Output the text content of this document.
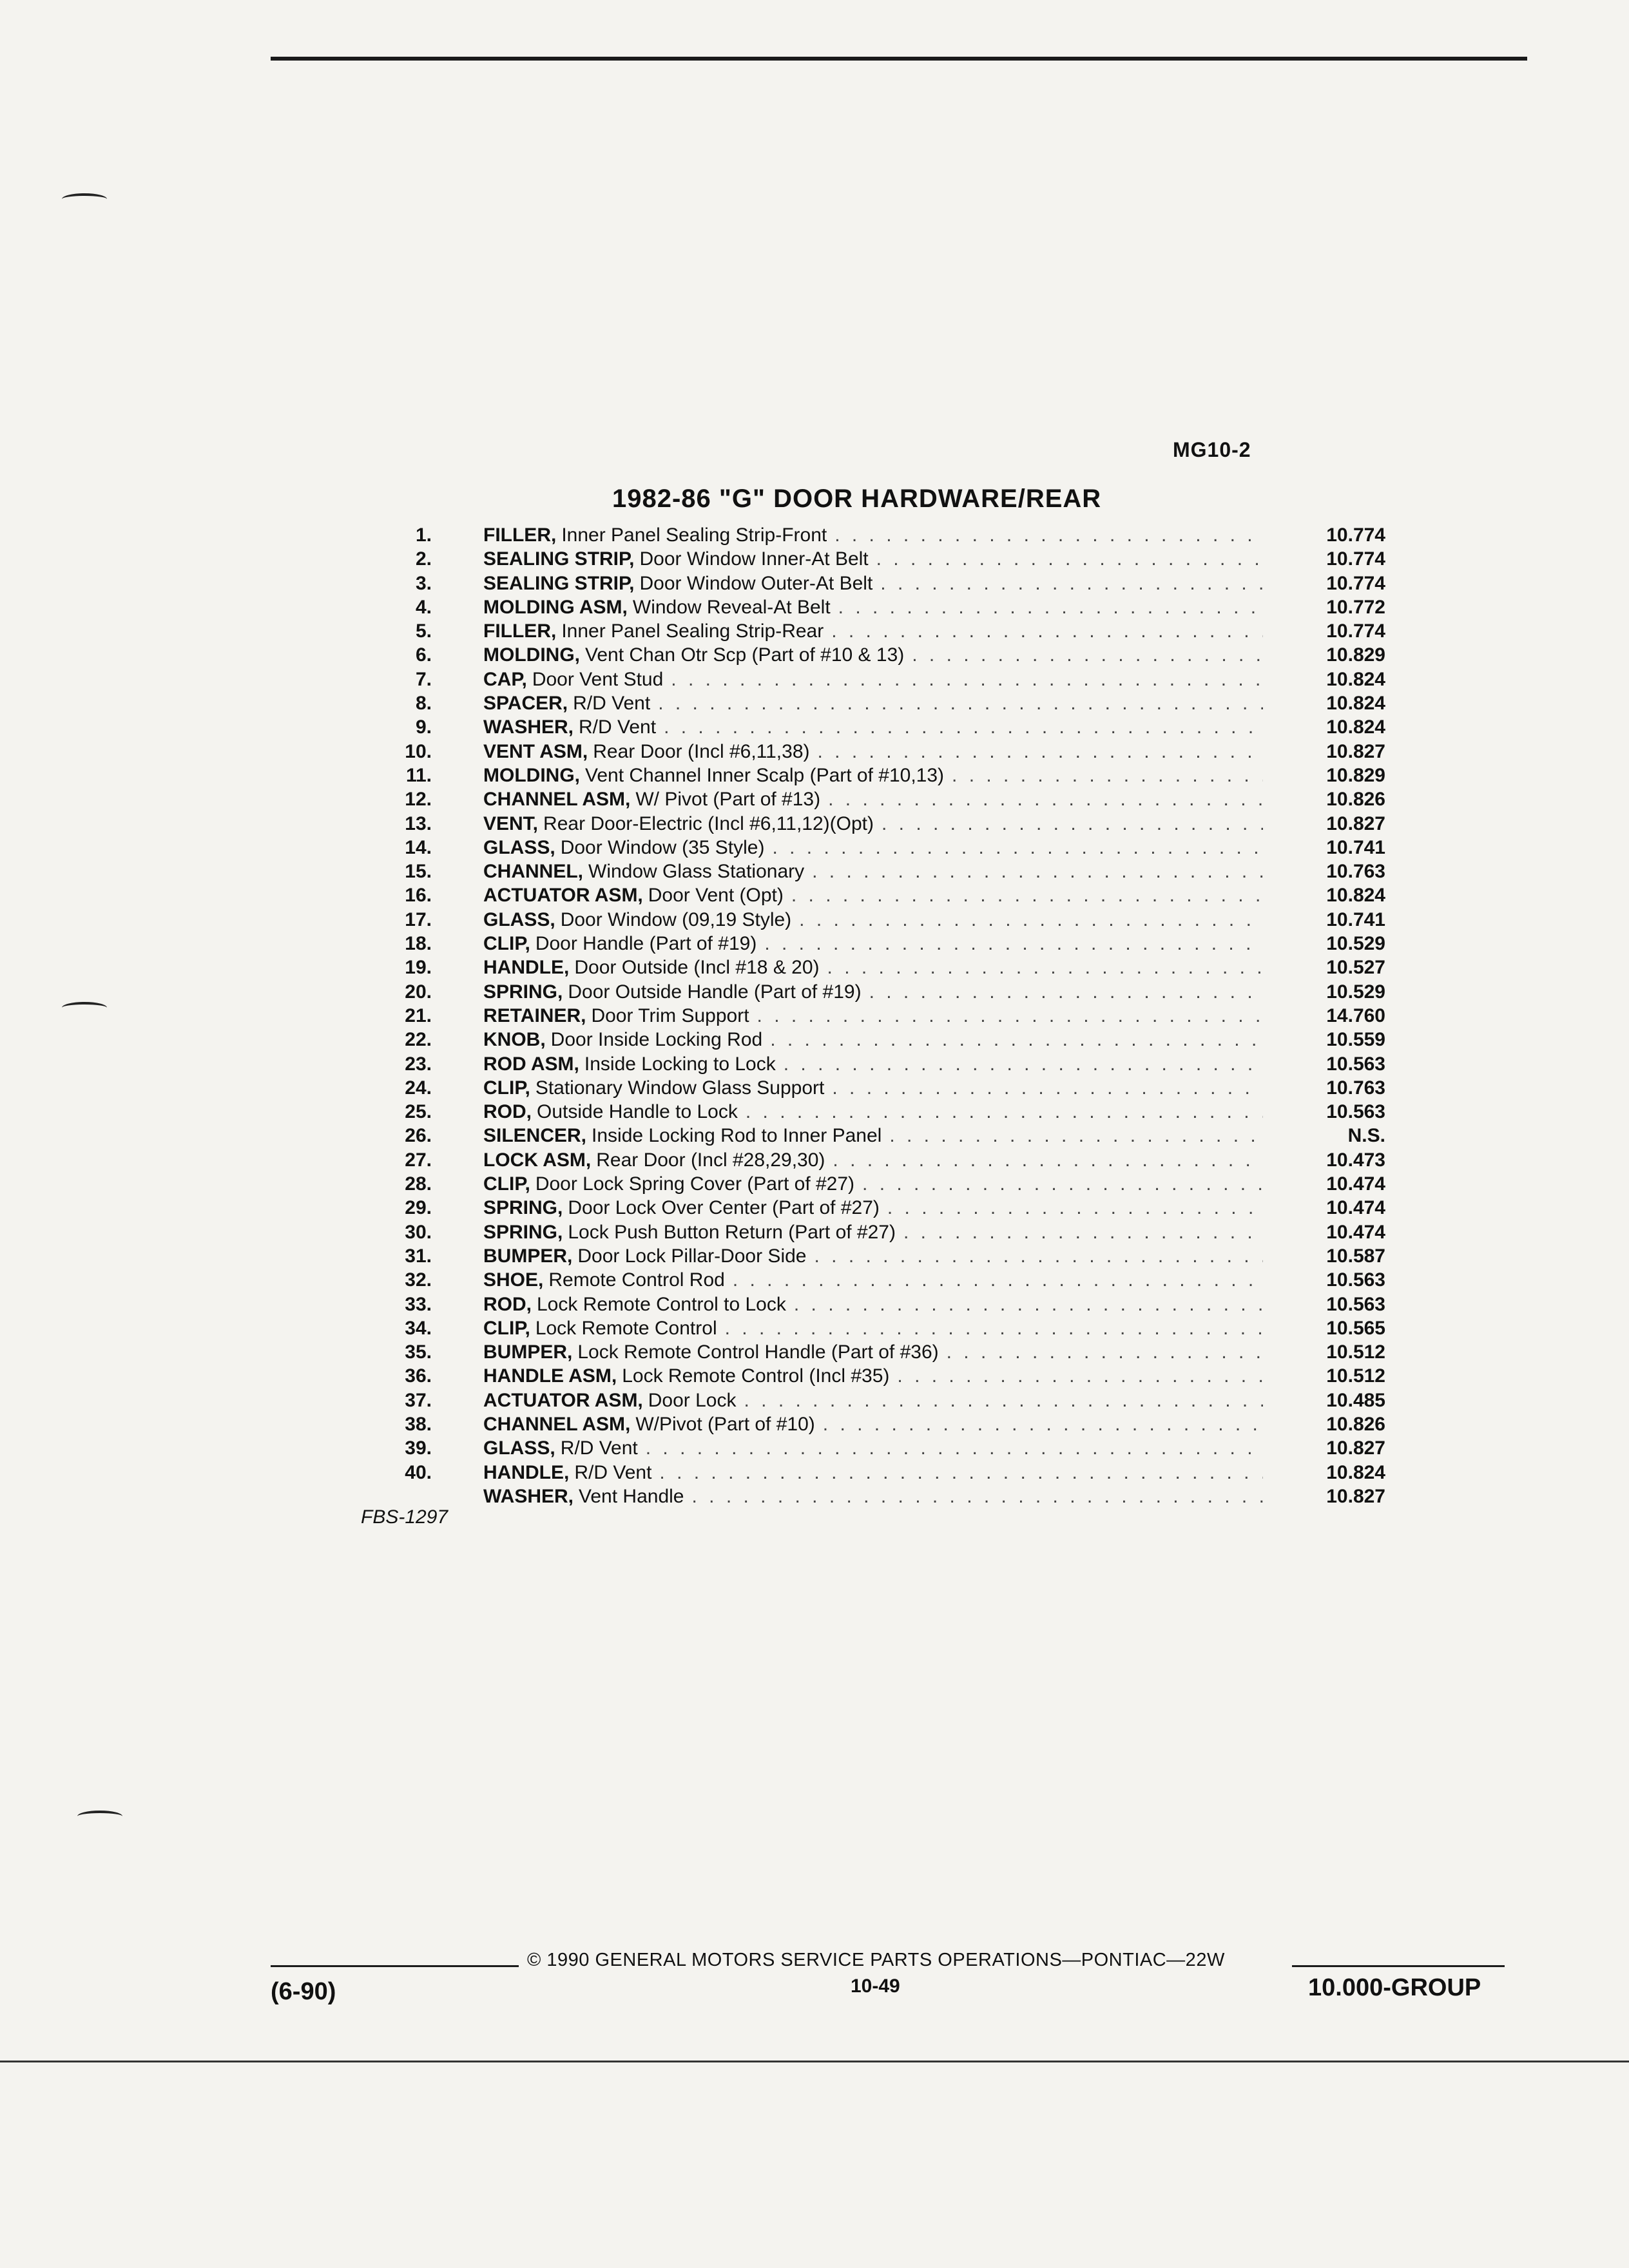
MG10-2
1982-86 "G" DOOR HARDWARE/REAR
1.	FILLER, Inner Panel Sealing Strip-Front . . .	10.774
2.	SEALING STRIP, Door Window Inner-At Belt . . .	10.774
3.	SEALING STRIP, Door Window Outer-At Belt . . .	10.774
4.	MOLDING ASM, Window Reveal-At Belt . . .	10.772
5.	FILLER, Inner Panel Sealing Strip-Rear . . .	10.774
6.	MOLDING, Vent Chan Otr Scp (Part of #10 & 13) . . .	10.829
7.	CAP, Door Vent Stud . . .	10.824
8.	SPACER, R/D Vent . . .	10.824
9.	WASHER, R/D Vent . . .	10.824
10.	VENT ASM, Rear Door (Incl #6,11,38) . . .	10.827
11.	MOLDING, Vent Channel Inner Scalp (Part of #10,13) . . .	10.829
12.	CHANNEL ASM, W/ Pivot (Part of #13) . . .	10.826
13.	VENT, Rear Door-Electric (Incl #6,11,12)(Opt) . . .	10.827
14.	GLASS, Door Window (35 Style) . . .	10.741
15.	CHANNEL, Window Glass Stationary . . .	10.763
16.	ACTUATOR ASM, Door Vent (Opt) . . .	10.824
17.	GLASS, Door Window (09,19 Style) . . .	10.741
18.	CLIP, Door Handle (Part of #19) . . .	10.529
19.	HANDLE, Door Outside (Incl #18 & 20) . . .	10.527
20.	SPRING, Door Outside Handle (Part of #19) . . .	10.529
21.	RETAINER, Door Trim Support . . .	14.760
22.	KNOB, Door Inside Locking Rod . . .	10.559
23.	ROD ASM, Inside Locking to Lock . . .	10.563
24.	CLIP, Stationary Window Glass Support . . .	10.763
25.	ROD, Outside Handle to Lock . . .	10.563
26.	SILENCER, Inside Locking Rod to Inner Panel . . .	N.S.
27.	LOCK ASM, Rear Door (Incl #28,29,30) . . .	10.473
28.	CLIP, Door Lock Spring Cover (Part of #27) . . .	10.474
29.	SPRING, Door Lock Over Center (Part of #27) . . .	10.474
30.	SPRING, Lock Push Button Return (Part of #27) . . .	10.474
31.	BUMPER, Door Lock Pillar-Door Side . . .	10.587
32.	SHOE, Remote Control Rod . . .	10.563
33.	ROD, Lock Remote Control to Lock . . .	10.563
34.	CLIP, Lock Remote Control . . .	10.565
35.	BUMPER, Lock Remote Control Handle (Part of #36) . . .	10.512
36.	HANDLE ASM, Lock Remote Control (Incl #35) . . .	10.512
37.	ACTUATOR ASM, Door Lock . . .	10.485
38.	CHANNEL ASM, W/Pivot (Part of #10) . . .	10.826
39.	GLASS, R/D Vent . . .	10.827
40.	HANDLE, R/D Vent . . .	10.824
WASHER, Vent Handle . . .	10.827
FBS-1297
© 1990 GENERAL MOTORS SERVICE PARTS OPERATIONS—PONTIAC—22W
10-49
(6-90)	10.000-GROUP
